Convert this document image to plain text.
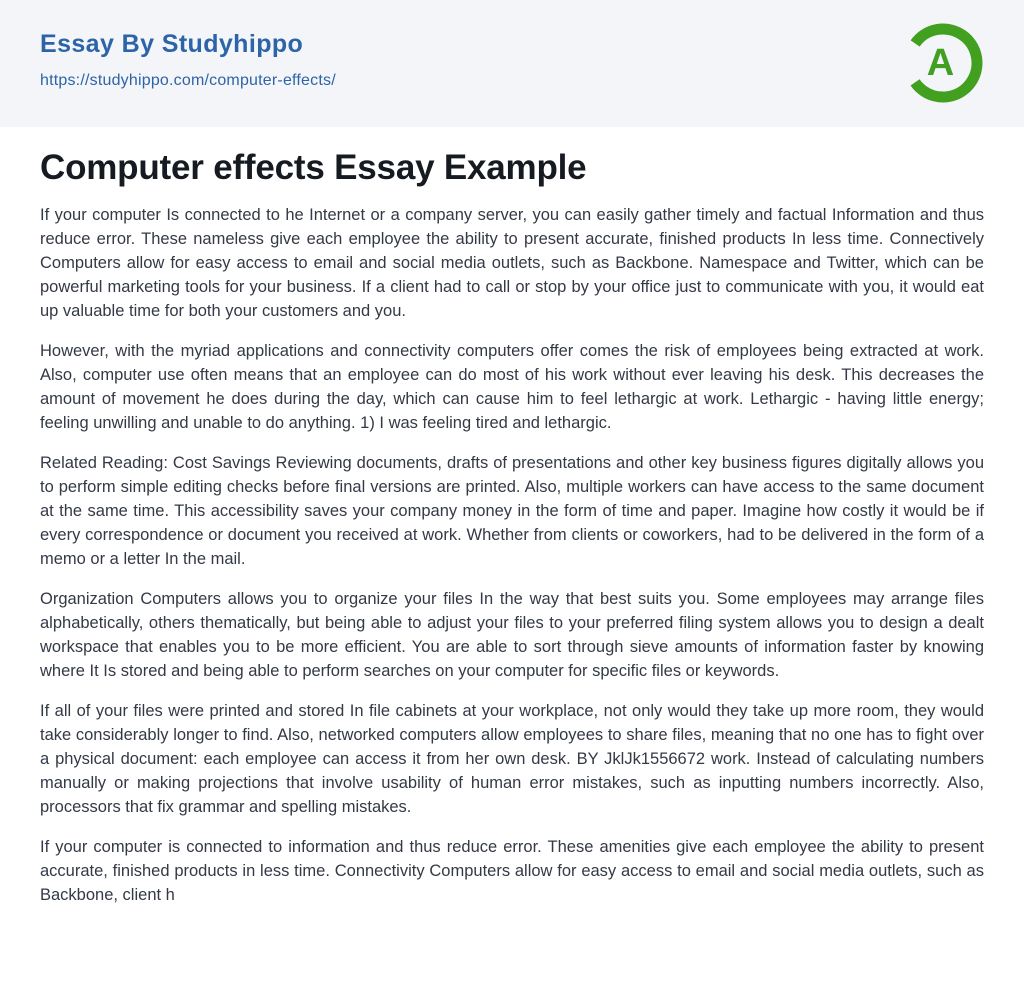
Essay By Studyhippo
https://studyhippo.com/computer-effects/	A
Computer effects Essay Example

If your computer Is connected to he Internet or a company server, you can easily gather timely and factual Information and thus reduce error. These nameless give each employee the ability to present accurate, finished products In less time. Connectively Computers allow for easy access to email and social media outlets, such as Backbone. Namespace and Twitter, which can be powerful marketing tools for your business. If a client had to call or stop by your office just to communicate with you, it would eat up valuable time for both your customers and you.

However, with the myriad applications and connectivity computers offer comes the risk of employees being extracted at work. Also, computer use often means that an employee can do most of his work without ever leaving his desk. This decreases the amount of movement he does during the day, which can cause him to feel lethargic at work. Lethargic - having little energy; feeling unwilling and unable to do anything. 1) I was feeling tired and lethargic.

Related Reading: Cost Savings Reviewing documents, drafts of presentations and other key business figures digitally allows you to perform simple editing checks before final versions are printed. Also, multiple workers can have access to the same document at the same time. This accessibility saves your company money in the form of time and paper. Imagine how costly it would be if every correspondence or document you received at work. Whether from clients or coworkers, had to be delivered in the form of a memo or a letter In the mail.

Organization Computers allows you to organize your files In the way that best suits you. Some employees may arrange files alphabetically, others thematically, but being able to adjust your files to your preferred filing system allows you to design a dealt workspace that enables you to be more efficient. You are able to sort through sieve amounts of information faster by knowing where It Is stored and being able to perform searches on your computer for specific files or keywords.

If all of your files were printed and stored In file cabinets at your workplace, not only would they take up more room, they would take considerably longer to find. Also, networked computers allow employees to share files, meaning that no one has to fight over a physical document: each employee can access it from her own desk. BY JklJk1556672 work. Instead of calculating numbers manually or making projections that involve usability of human error mistakes, such as inputting numbers incorrectly. Also, processors that fix grammar and spelling mistakes.

If your computer is connected to information and thus reduce error. These amenities give each employee the ability to present accurate, finished products in less time. Connectivity Computers allow for easy access to email and social media outlets, such as Backbone, client h
